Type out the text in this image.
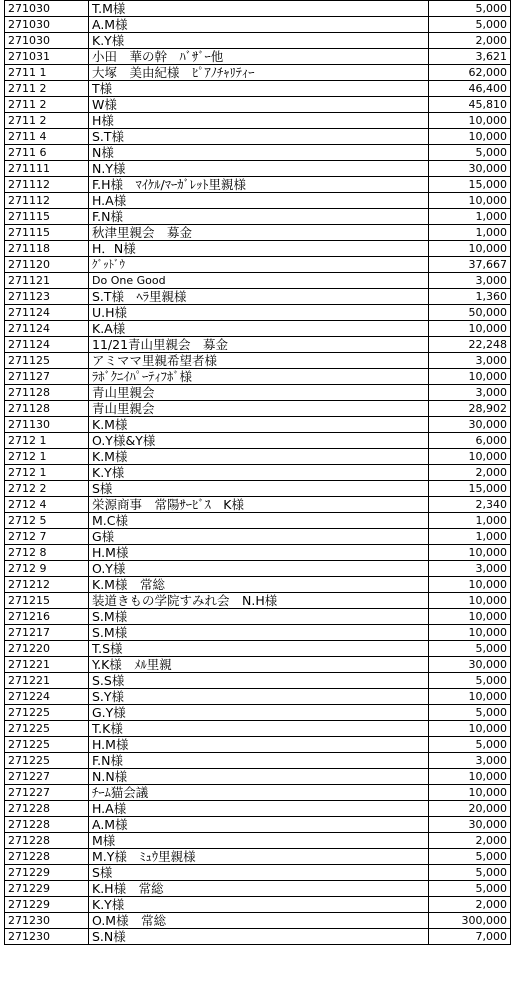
271030	T.M様	5,000
271030	A.M様	5,000
271030	K.Y様	2,000
271031	小田　華の幹　ﾊﾞｻﾞｰ他	3,621
2711 1	大塚　美由紀様　ﾋﾟｱﾉﾁｬﾘﾃｨｰ	62,000
2711 2	T様	46,400
2711 2	W様	45,810
2711 2	H様	10,000
2711 4	S.T様	10,000
2711 6	N様	5,000
271111	N.Y様	30,000
271112	F.H様　ﾏｲｹﾙ/ﾏｰｶﾞﾚｯﾄ里親様	15,000
271112	H.A様	10,000
271115	F.N様	1,000
271115	秋津里親会　募金	1,000
271118	H．N様	10,000
271120	ｸﾞｯﾄﾞｳ	37,667
271121	Do One Good	3,000
271123	S.T様　ﾍﾗ里親様	1,360
271124	U.H様	50,000
271124	K.A様	10,000
271124	11/21青山里親会　募金	22,248
271125	アミママ里親希望者様	3,000
271127	ﾗﾎﾞｸﾆｲﾊﾟｰﾃｨﾌﾎﾞ様	10,000
271128	青山里親会	3,000
271128	青山里親会	28,902
271130	K.M様	30,000
2712 1	O.Y様&Y様	6,000
2712 1	K.M様	10,000
2712 1	K.Y様	2,000
2712 2	S様	15,000
2712 4	栄源商事　常陽ｻｰﾋﾞｽ　K様	2,340
2712 5	M.C様	1,000
2712 7	G様	1,000
2712 8	H.M様	10,000
2712 9	O.Y様	3,000
271212	K.M様　常総	10,000
271215	装道きもの学院すみれ会　N.H様	10,000
271216	S.M様	10,000
271217	S.M様	10,000
271220	T.S様	5,000
271221	Y.K様　ﾒﾙ里親	30,000
271221	S.S様	5,000
271224	S.Y様	10,000
271225	G.Y様	5,000
271225	T.K様	10,000
271225	H.M様	5,000
271225	F.N様	3,000
271227	N.N様	10,000
271227	ﾁｰﾑ猫会議	10,000
271228	H.A様	20,000
271228	A.M様	30,000
271228	M様	2,000
271228	M.Y様　ﾐｭｳ里親様	5,000
271229	S様	5,000
271229	K.H様　常総	5,000
271229	K.Y様	2,000
271230	O.M様　常総	300,000
271230	S.N様	7,000
